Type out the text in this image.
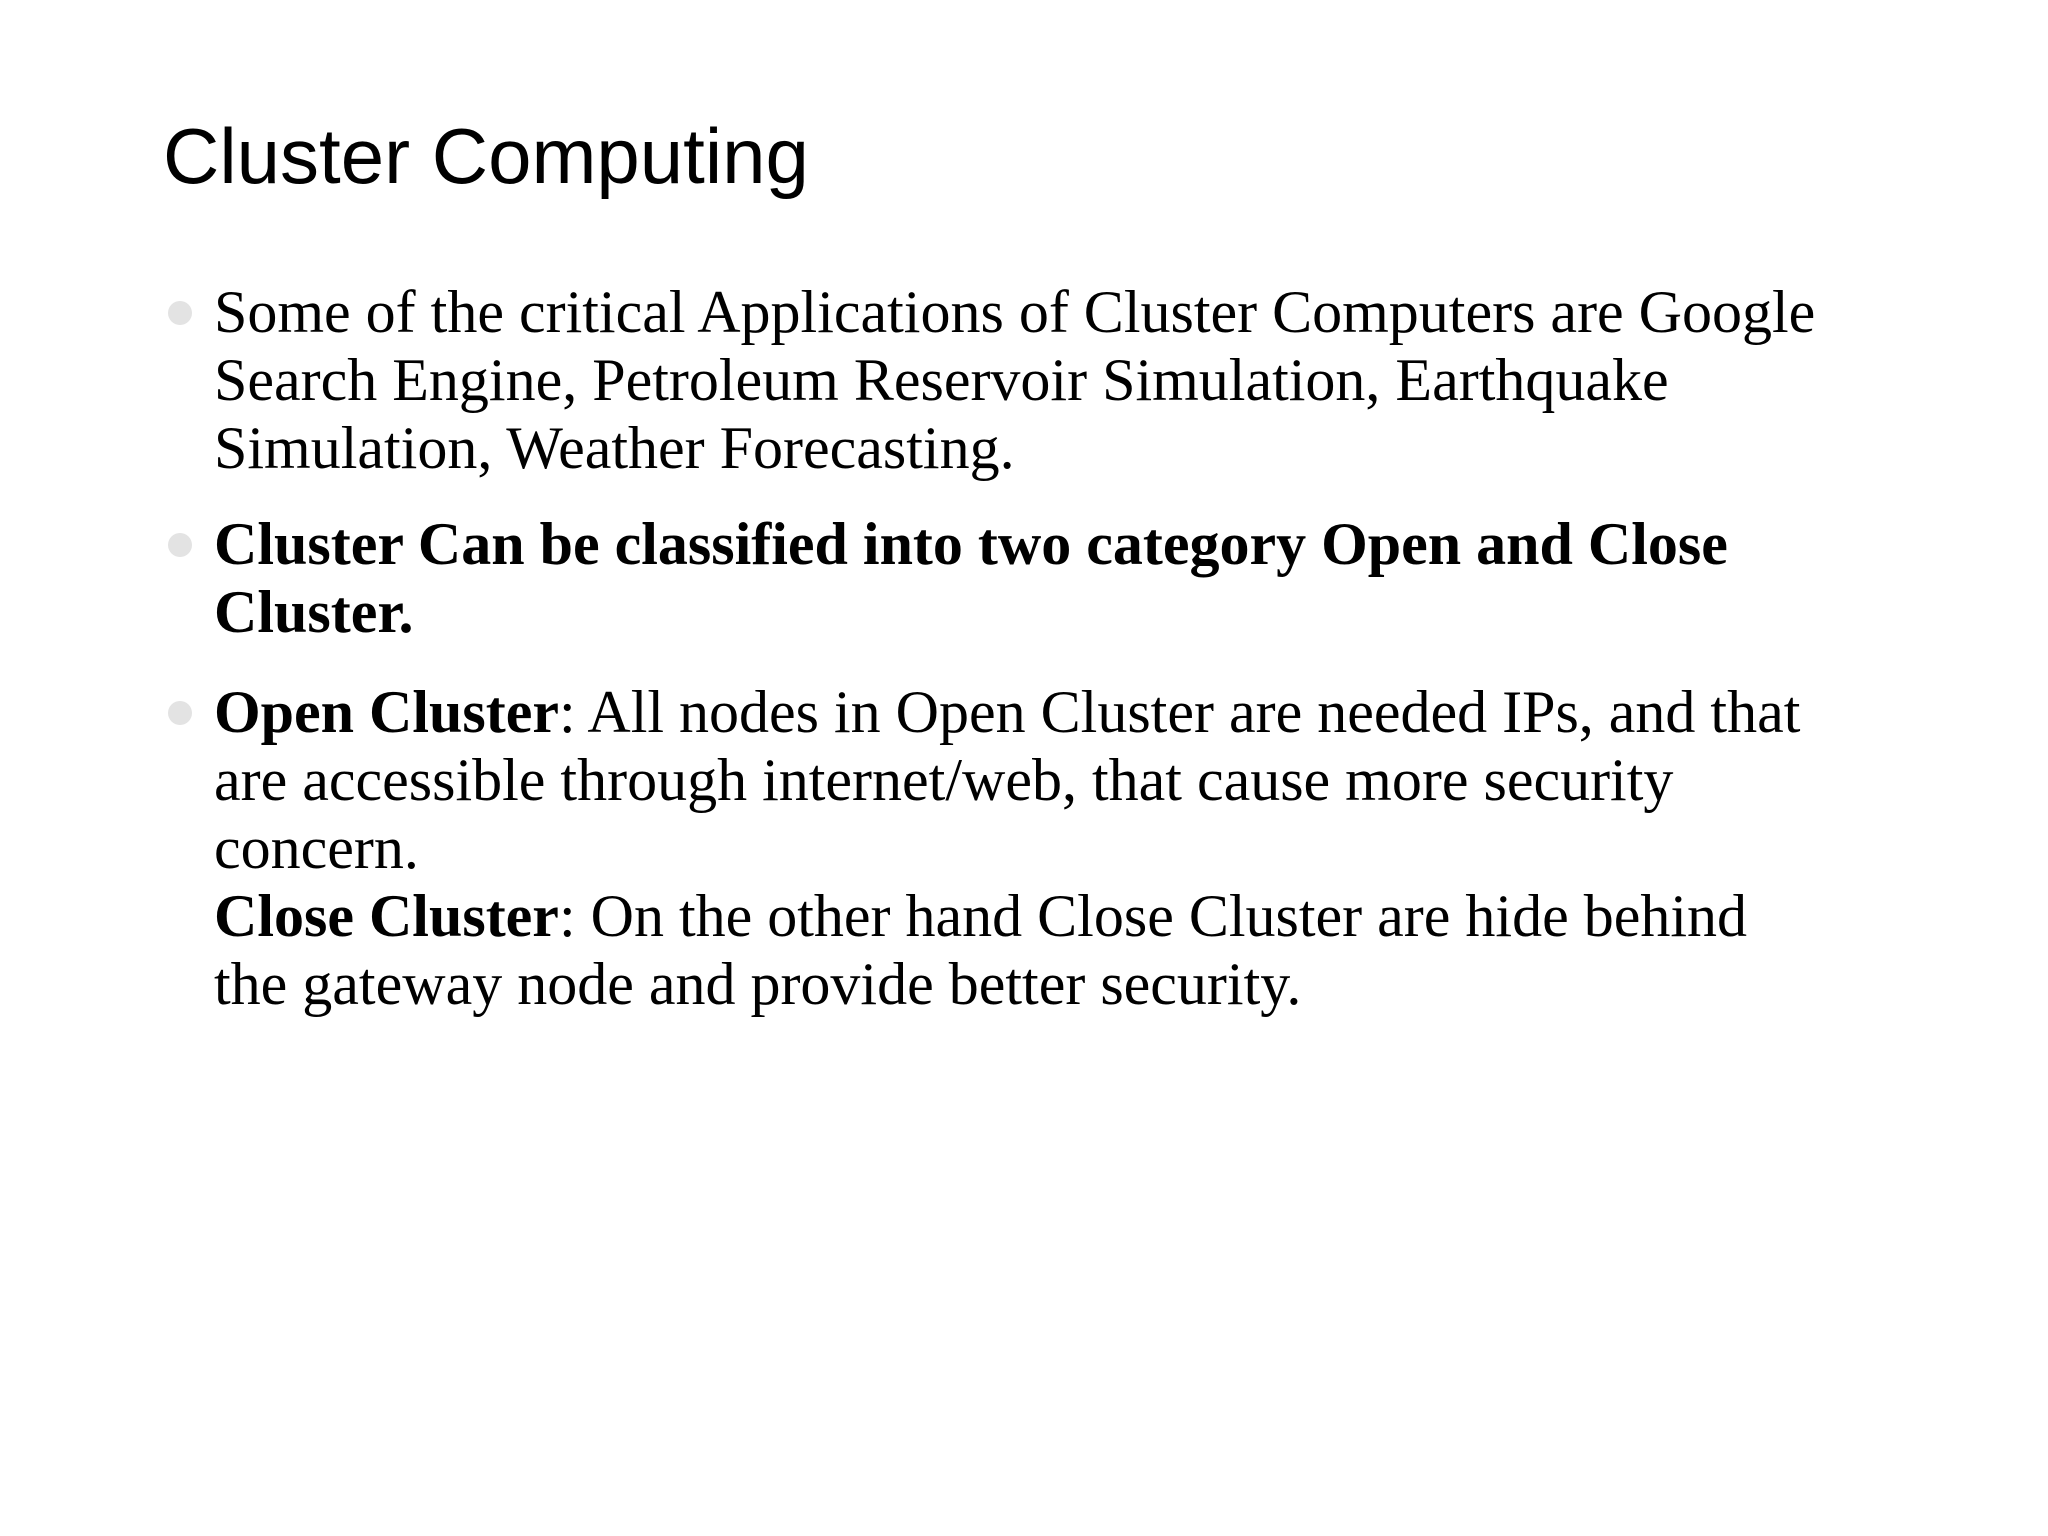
Cluster Computing
Some of the critical Applications of Cluster Computers are Google
Search Engine, Petroleum Reservoir Simulation, Earthquake
Simulation, Weather Forecasting.
Cluster Can be classified into two category Open and Close
Cluster.
Open Cluster: All nodes in Open Cluster are needed IPs, and that
are accessible through internet/web, that cause more security
concern.
Close Cluster: On the other hand Close Cluster are hide behind
the gateway node and provide better security.
